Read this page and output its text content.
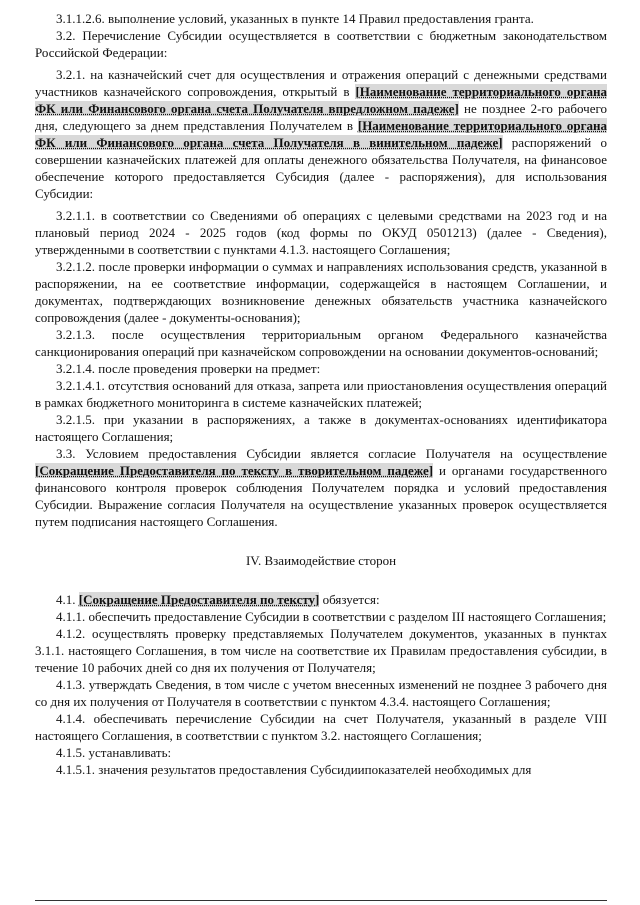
3.1.1.2.6. выполнение условий, указанных в пункте 14 Правил предоставления гранта.

3.2. Перечисление Субсидии осуществляется в соответствии с бюджетным законодательством Российской Федерации:

3.2.1. на казначейский счет для осуществления и отражения операций с денежными средствами участников казначейского сопровождения, открытый в [Наименование территориального органа ФК или Финансового органа счета Получателя впредложном падеже] не позднее 2-го рабочего дня, следующего за днем представления Получателем в [Наименование территориального органа ФК или Финансового органа счета Получателя в винительном падеже] распоряжений о совершении казначейских платежей для оплаты денежного обязательства Получателя, на финансовое обеспечение которого предоставляется Субсидия (далее - распоряжения), для использования Субсидии:

3.2.1.1. в соответствии со Сведениями об операциях с целевыми средствами на 2023 год и на плановый период 2024 - 2025 годов (код формы по ОКУД 0501213) (далее - Сведения), утвержденными в соответствии с пунктами 4.1.3. настоящего Соглашения;

3.2.1.2. после проверки информации о суммах и направлениях использования средств, указанной в распоряжении, на ее соответствие информации, содержащейся в настоящем Соглашении, и документах, подтверждающих возникновение денежных обязательств участника казначейского сопровождения (далее - документы-основания);

3.2.1.3. после осуществления территориальным органом Федерального казначейства санкционирования операций при казначейском сопровождении на основании документов-оснований;

3.2.1.4. после проведения проверки на предмет:

3.2.1.4.1. отсутствия оснований для отказа, запрета или приостановления осуществления операций в рамках бюджетного мониторинга в системе казначейских платежей;

3.2.1.5. при указании в распоряжениях, а также в документах-основаниях идентификатора настоящего Соглашения;

3.3. Условием предоставления Субсидии является согласие Получателя на осуществление [Сокращение Предоставителя по тексту в творительном падеже] и органами государственного финансового контроля проверок соблюдения Получателем порядка и условий предоставления Субсидии. Выражение согласия Получателя на осуществление указанных проверок осуществляется путем подписания настоящего Соглашения.

IV. Взаимодействие сторон

4.1. [Сокращение Предоставителя по тексту] обязуется:

4.1.1. обеспечить предоставление Субсидии в соответствии с разделом III настоящего Соглашения;

4.1.2. осуществлять проверку представляемых Получателем документов, указанных в пунктах 3.1.1. настоящего Соглашения, в том числе на соответствие их Правилам предоставления субсидии, в течение 10 рабочих дней со дня их получения от Получателя;

4.1.3. утверждать Сведения, в том числе с учетом внесенных изменений не позднее 3 рабочего дня со дня их получения от Получателя в соответствии с пунктом 4.3.4. настоящего Соглашения;

4.1.4. обеспечивать перечисление Субсидии на счет Получателя, указанный в разделе VIII настоящего Соглашения, в соответствии с пунктом 3.2. настоящего Соглашения;

4.1.5. устанавливать:

4.1.5.1. значения результатов предоставления Субсидиипоказателей необходимых для
